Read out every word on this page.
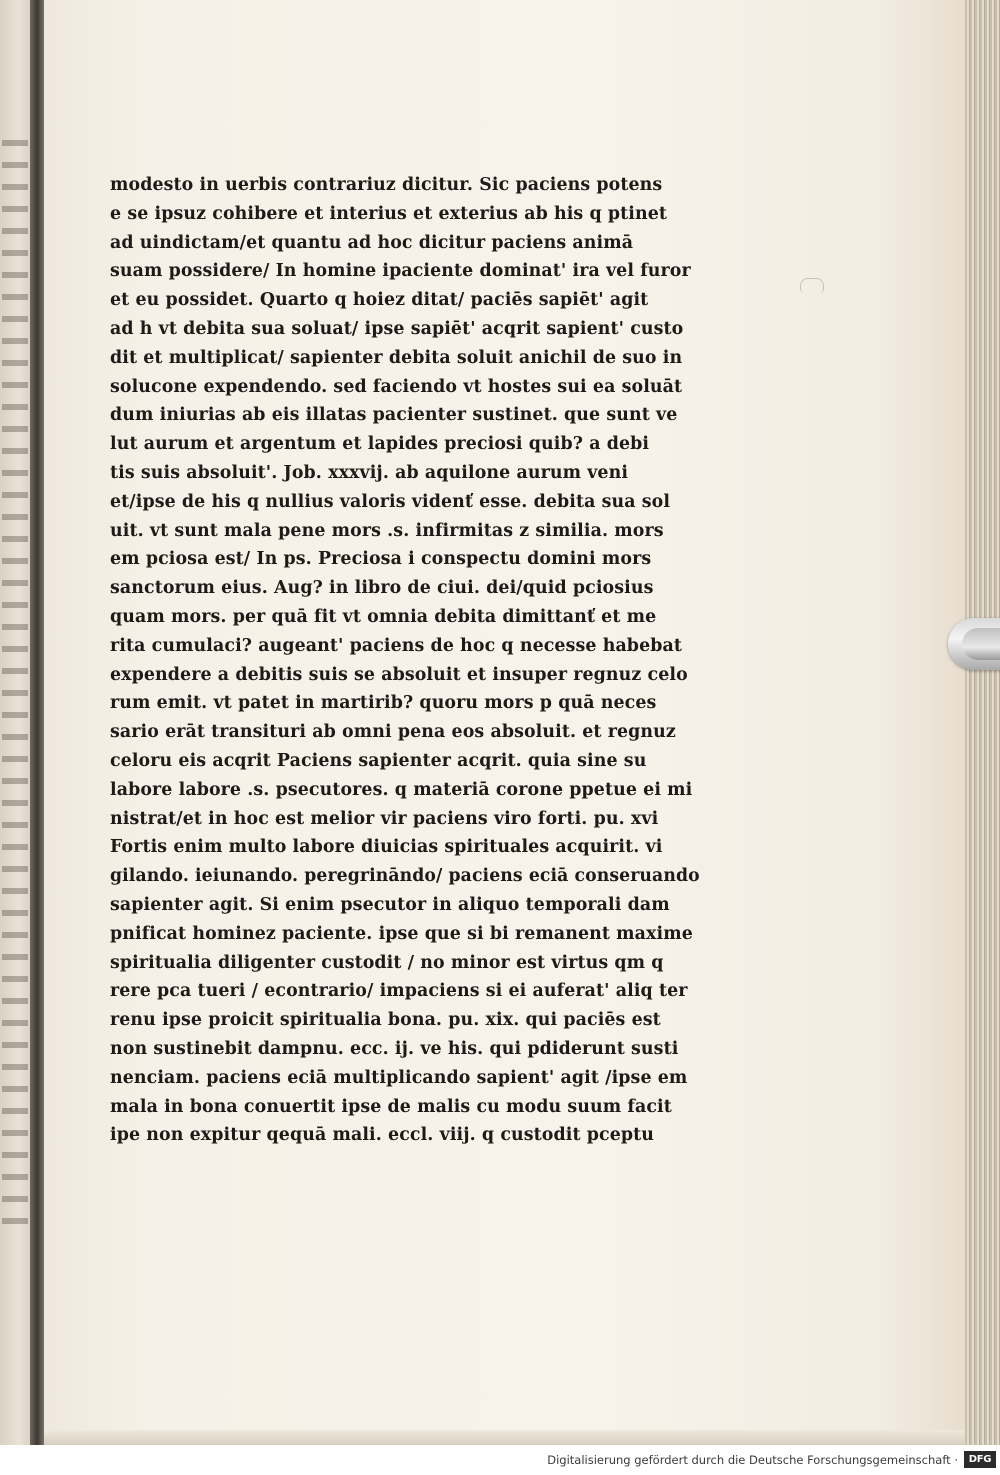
modesto in uerbis contrariuz dicitur. Sic paciens potens
e se ipsuz cohibere et interius et exterius ab his q ptinet
ad uindictam/et quantu ad hoc dicitur paciens animā
suam possidere/ In homine ipaciente dominat' ira vel furor
et eu possidet. Quarto q hoiez ditat/ paciēs sapiēt' agit
ad h vt debita sua soluat/ ipse sapiēt' acqrit sapient' custo
dit et multiplicat/ sapienter debita soluit anichil de suo in
solucone expendendo. sed faciendo vt hostes sui ea soluāt
dum iniurias ab eis illatas pacienter sustinet. que sunt ve
lut aurum et argentum et lapides preciosi quib? a debi
tis suis absoluit'. Job. xxxvij. ab aquilone aurum veni
et/ipse de his q nullius valoris videnť esse. debita sua sol
uit. vt sunt mala pene mors .s. infirmitas z similia. mors
em pciosa est/ In ps. Preciosa i conspectu domini mors
sanctorum eius. Aug? in libro de ciui. dei/quid pciosius
quam mors. per quā fit vt omnia debita dimittanť et me
rita cumulaci? augeant' paciens de hoc q necesse habebat
expendere a debitis suis se absoluit et insuper regnuz celo
rum emit. vt patet in martirib? quoru mors p quā neces
sario erāt transituri ab omni pena eos absoluit. et regnuz
celoru eis acqrit Paciens sapienter acqrit. quia sine su
labore labore .s. psecutores. q materiā corone ppetue ei mi
nistrat/et in hoc est melior vir paciens viro forti. pu. xvi
Fortis enim multo labore diuicias spirituales acquirit. vi
gilando. ieiunando. peregrināndo/ paciens eciā conseruando
sapienter agit. Si enim psecutor in aliquo temporali dam
pnificat hominez paciente. ipse que si bi remanent maxime
spiritualia diligenter custodit / no minor est virtus qm q
rere pca tueri / econtrario/ impaciens si ei auferat' aliq ter
renu ipse proicit spiritualia bona. pu. xix. qui paciēs est
non sustinebit dampnu. ecc. ij. ve his. qui pdiderunt susti
nenciam. paciens eciā multiplicando sapient' agit /ipse em
mala in bona conuertit ipse de malis cu modu suum facit
ipe non expitur qequā mali. eccl. viij. q custodit pceptu
Digitalisierung gefördert durch die Deutsche Forschungsgemeinschaft ·	DFG
